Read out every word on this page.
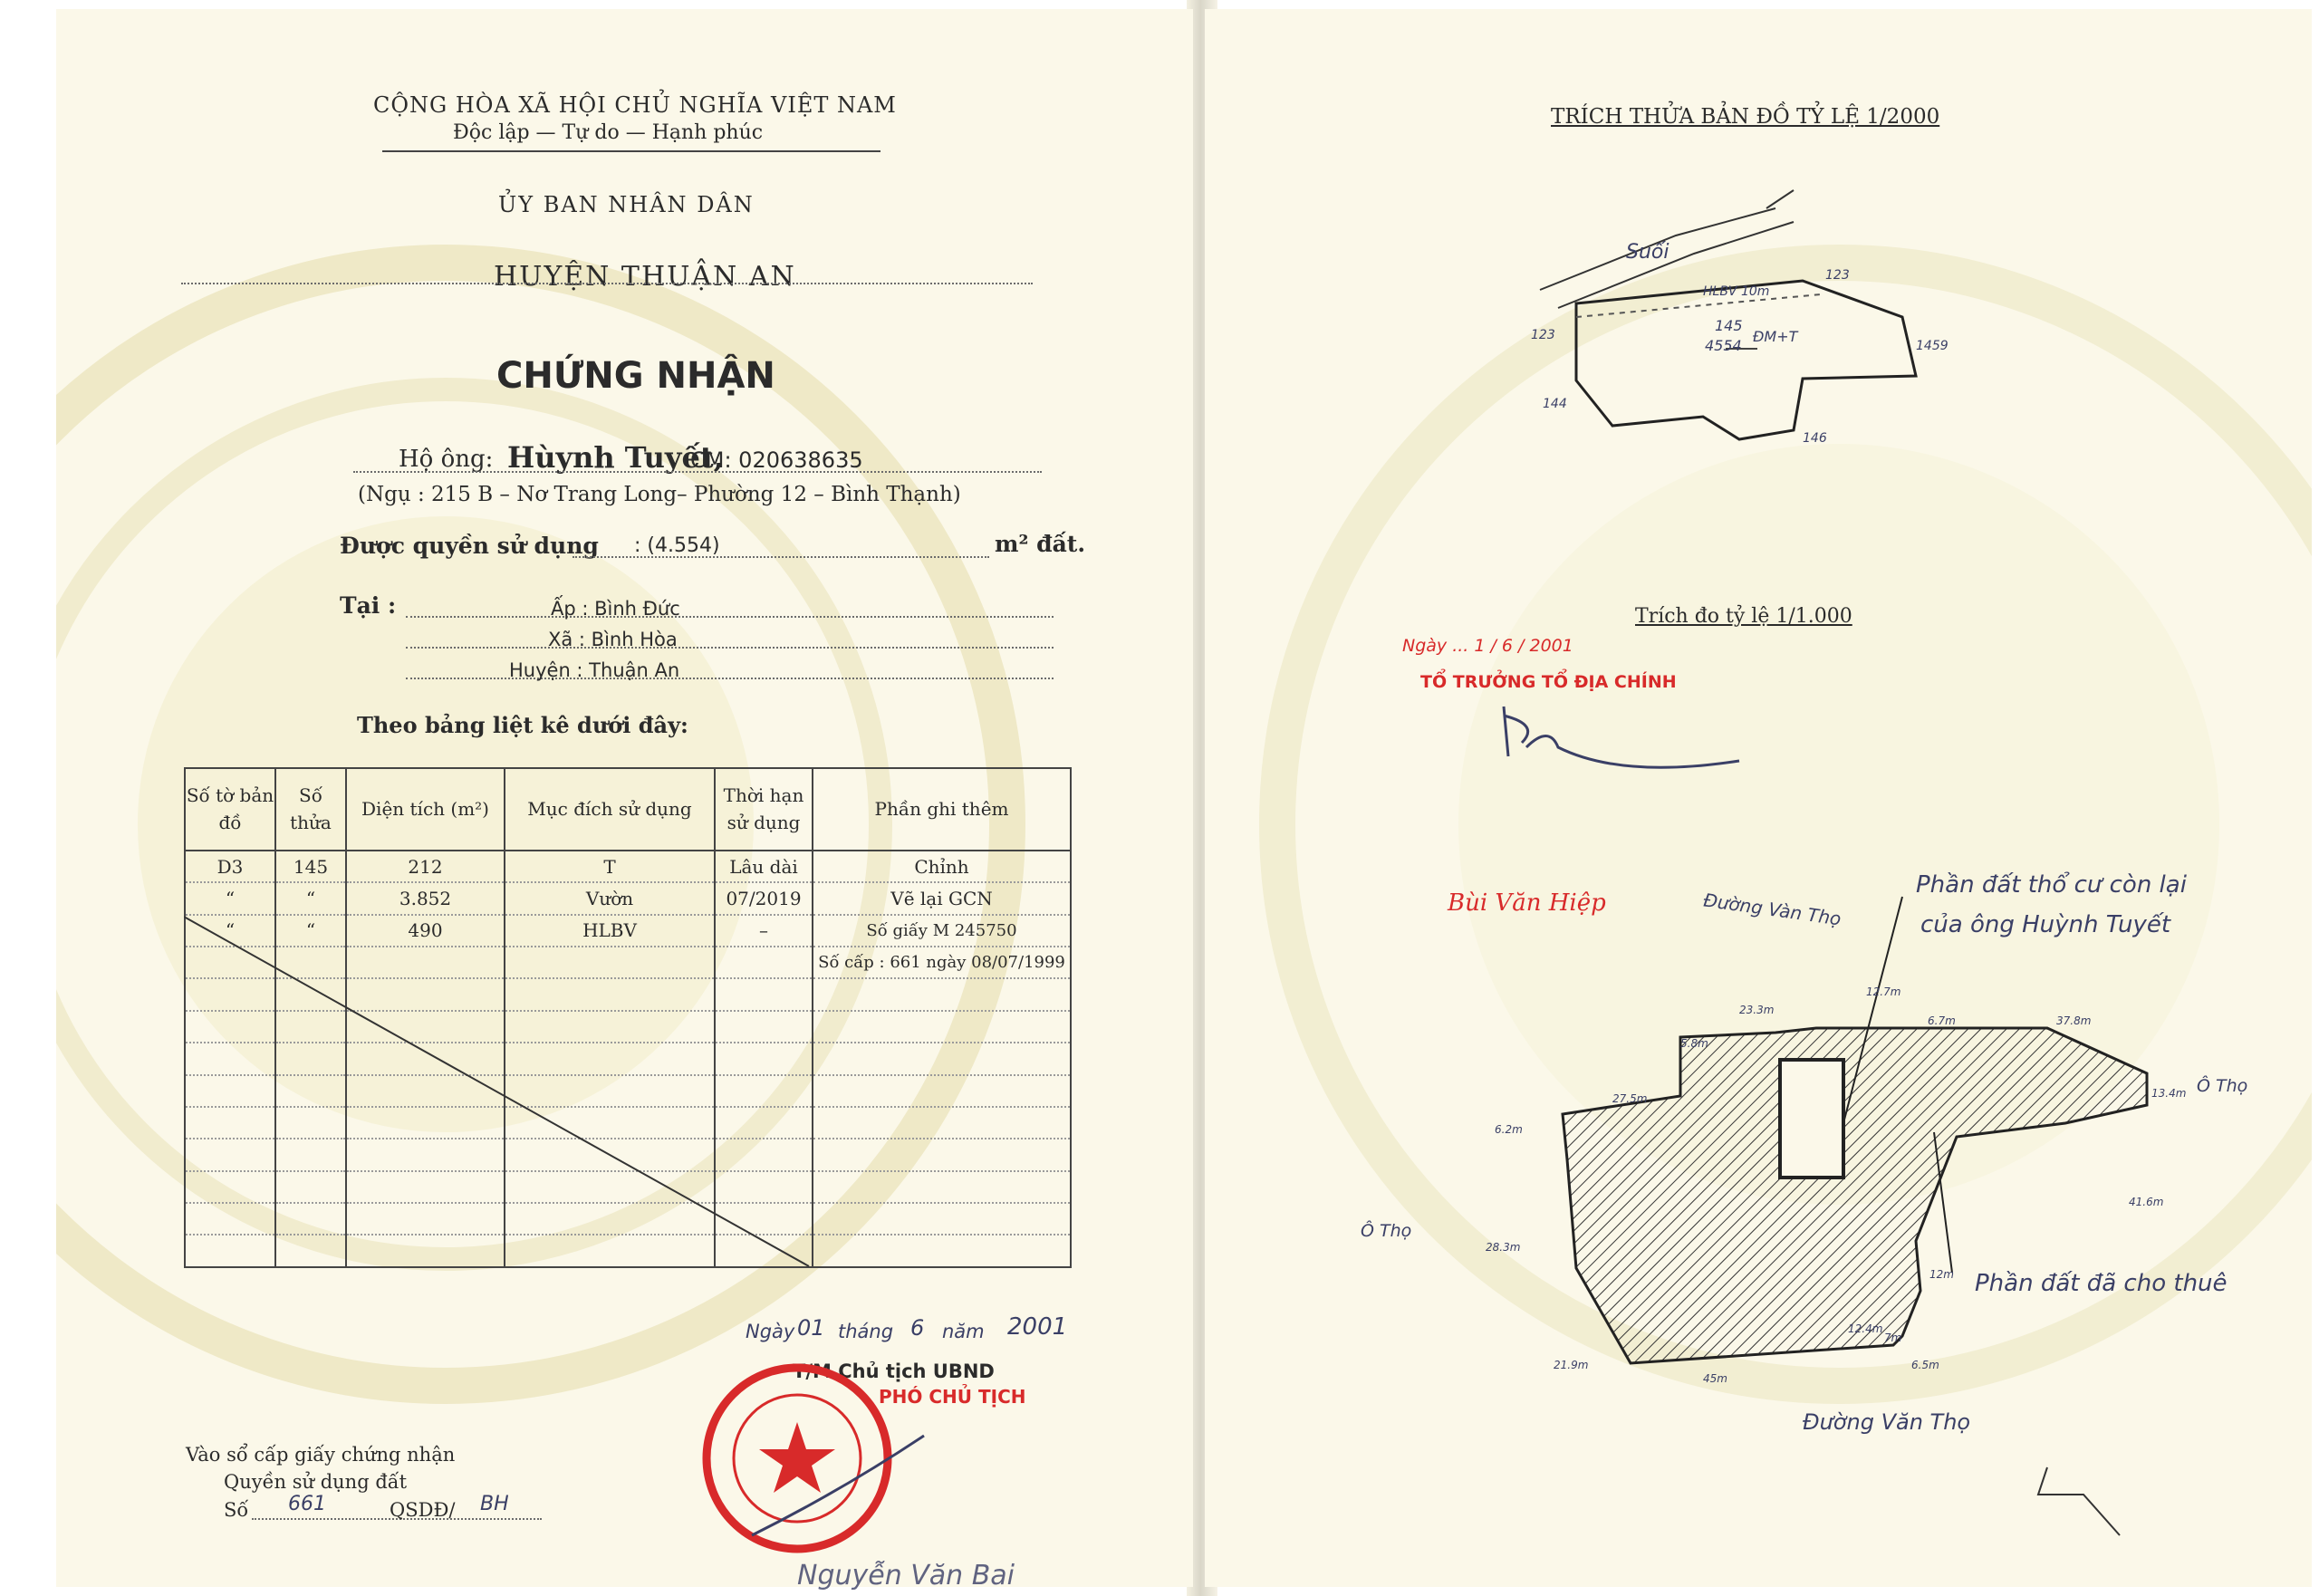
CỘNG HÒA XÃ HỘI CHỦ NGHĨA VIỆT NAM
Độc lập — Tự do — Hạnh phúc
ỦY BAN NHÂN DÂN
HUYỆN THUẬN AN
CHỨNG NHẬN
Hộ ông: Hùynh Tuyết,
CM: 020638635
(Ngụ : 215 B – Nơ Trang Long– Phường 12 – Bình Thạnh)
Được quyền sử dụng : (4.554)	m² đất.
Tại :	Ấp : Bình Đức
Xã : Bình Hòa
Huyện : Thuận An
Theo bảng liệt kê dưới đây:
Số tờ bản đồ	Số thửa	Diện tích (m²)	Mục đích sử dụng	Thời hạn sử dụng	Phần ghi thêm
D3	145	212	T	Lâu dài	Chỉnh
“	“	3.852	Vườn	07/2019	Vẽ lại GCN
“	“	490	HLBV	–	Số giấy M 245750
					Số cấp : 661 ngày 08/07/1999

Ngày 01 tháng 6 năm 2001
T/M Chủ tịch UBND
PHÓ CHỦ TỊCH
Nguyễn Văn Bai
Vào sổ cấp giấy chứng nhận
Quyền sử dụng đất
Số 661	QSDĐ/ BH
TRÍCH THỬA BẢN ĐỒ TỶ LỆ 1/2000
Suối
HLBV 10m
145
4554
ĐM+T
123
123
144
146
1459
Trích đo tỷ lệ 1/1.000
Ngày ... 1 / 6 / 2001
TỔ TRƯỞNG TỔ ĐỊA CHÍNH
Bùi Văn Hiệp	Đường Vàn Thọ
Phần đất thổ cư còn lại
của ông Huỳnh Tuyết
Phần đất đã cho thuê
Đường Văn Thọ
Ô Thọ
Ô Thọ
23.3m
12.7m
6.7m	37.8m
5.8m
27.5m
6.2m
13.4m
41.6m
28.3m
12m
12.4m
6.5m
7m
21.9m
45m
